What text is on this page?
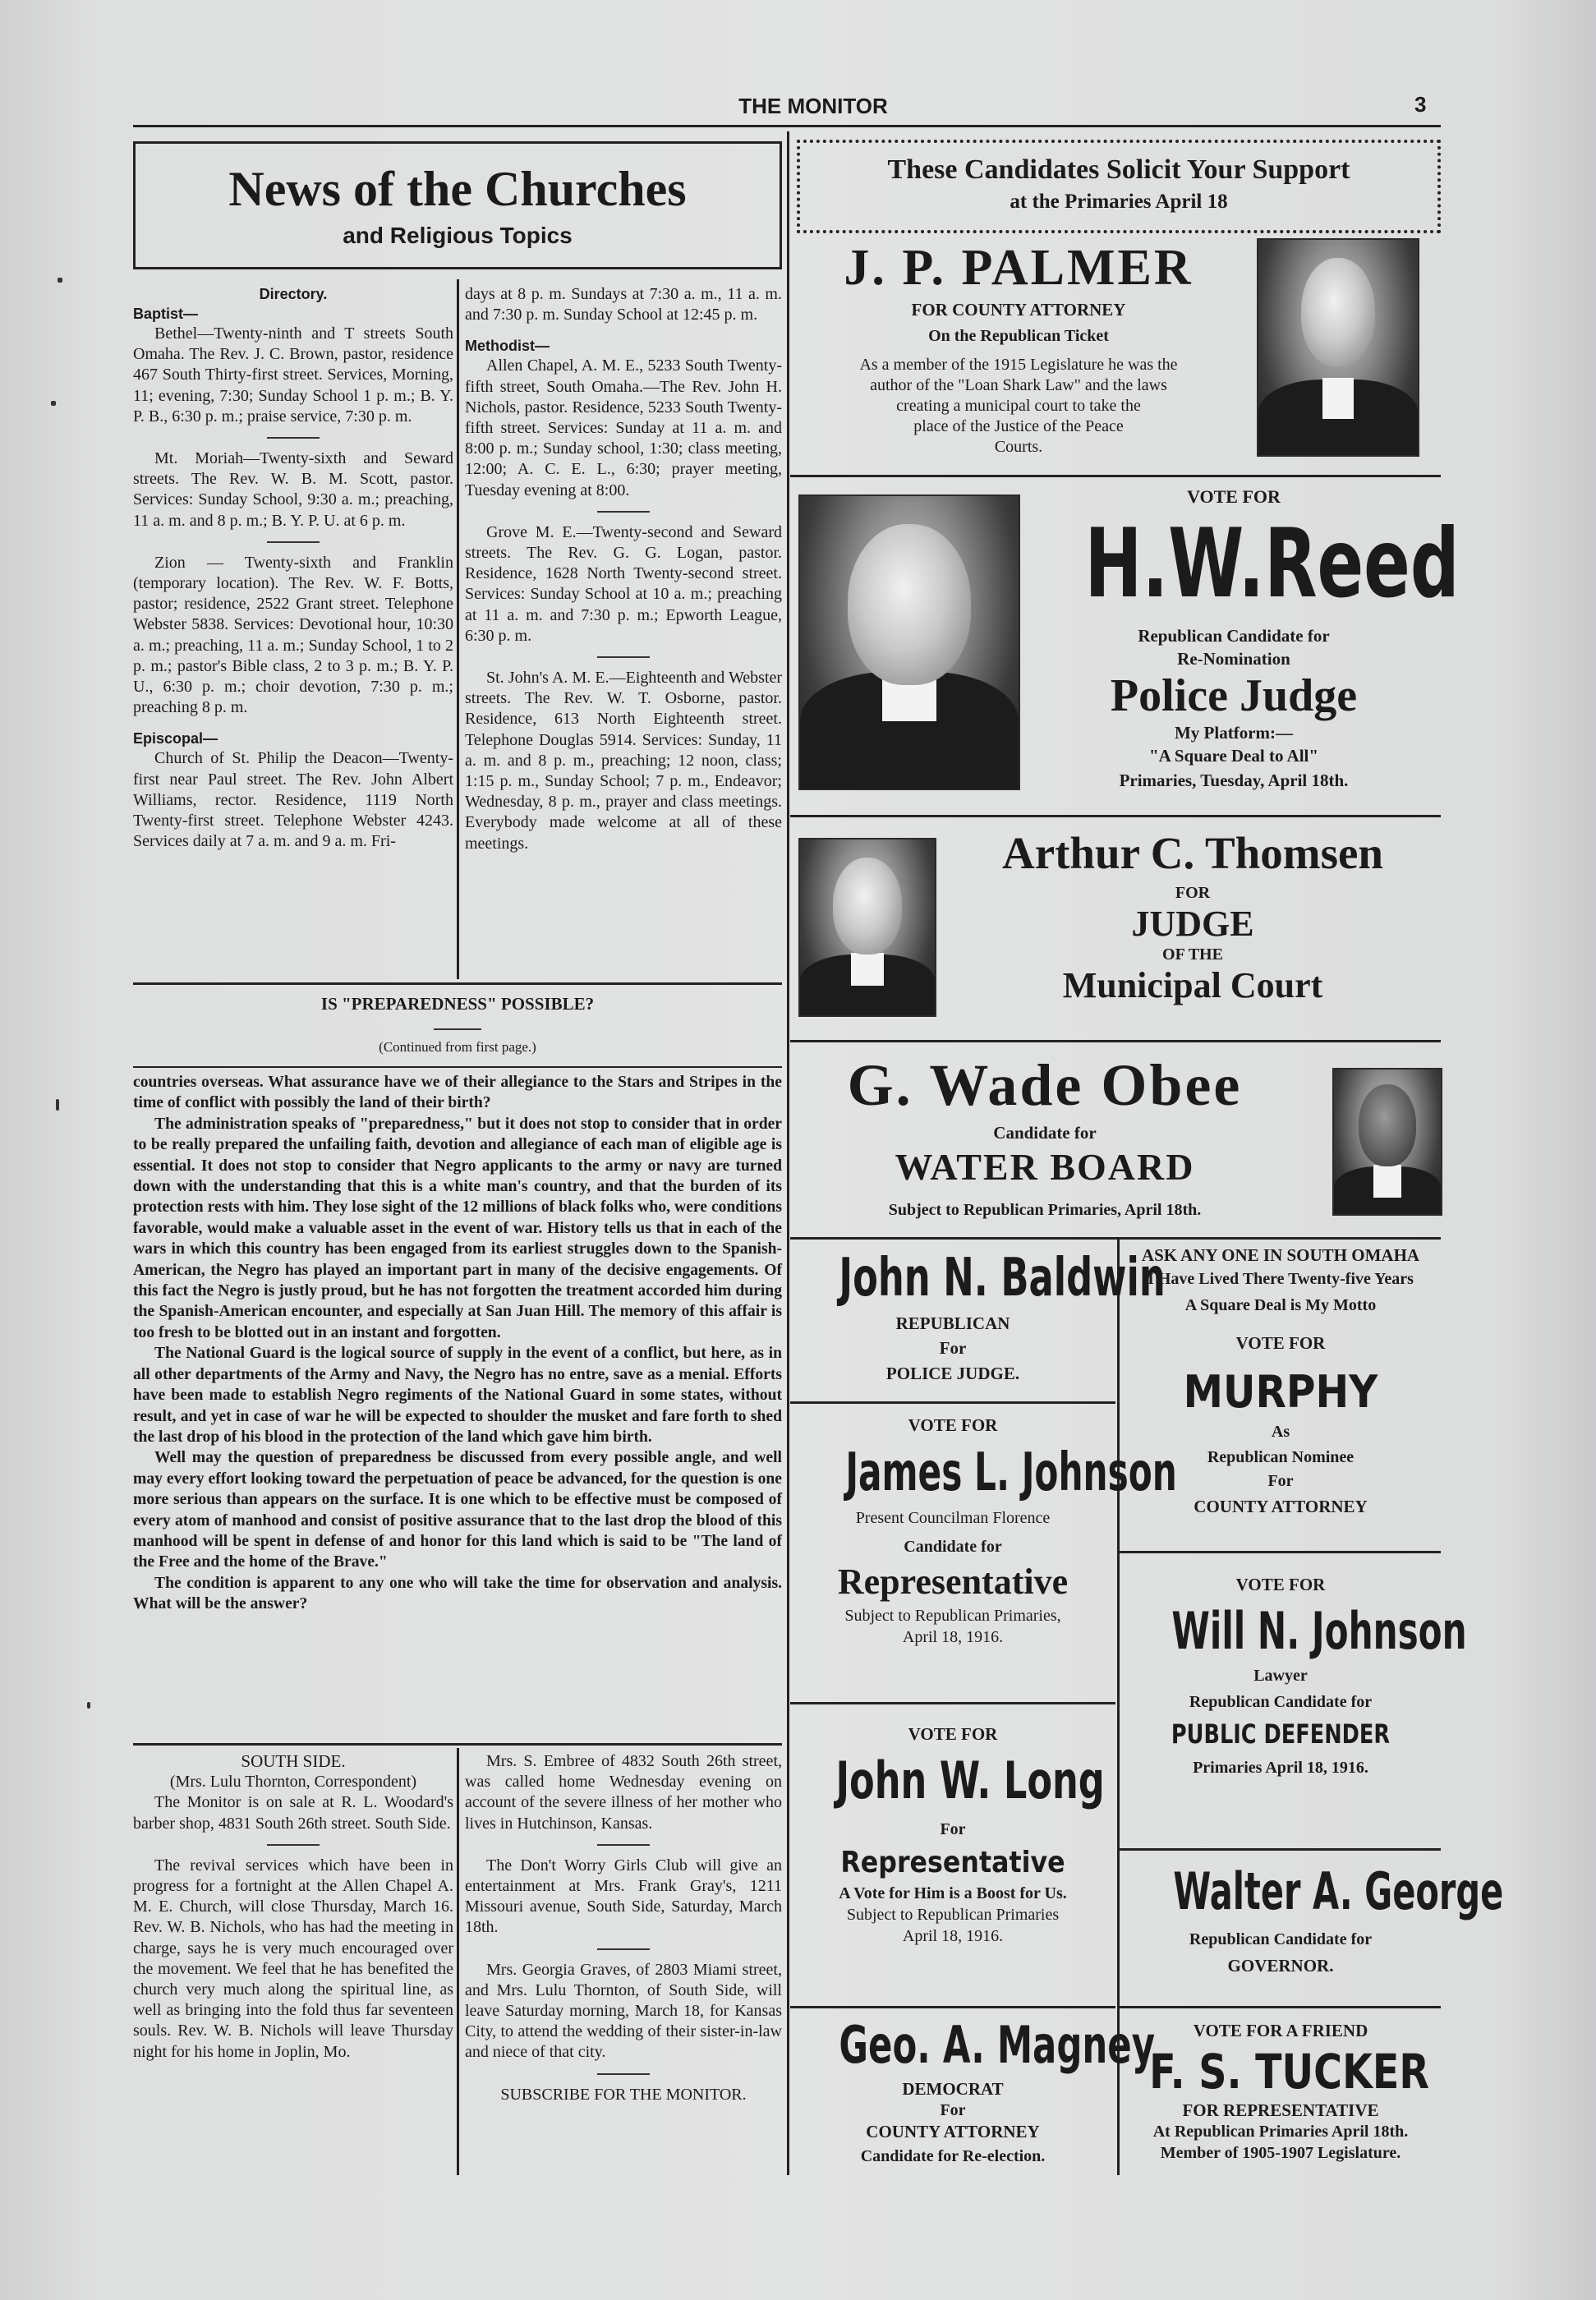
THE MONITOR	3
News of the Churches
and Religious Topics
Directory.
Baptist—

Bethel—Twenty-ninth and T streets South Omaha. The Rev. J. C. Brown, pastor, residence 467 South Thirty-first street. Services, Morning, 11; evening, 7:30; Sunday School 1 p. m.; B. Y. P. B., 6:30 p. m.; praise service, 7:30 p. m.

Mt. Moriah—Twenty-sixth and Seward streets. The Rev. W. B. M. Scott, pastor. Services: Sunday School, 9:30 a. m.; preaching, 11 a. m. and 8 p. m.; B. Y. P. U. at 6 p. m.

Zion — Twenty-sixth and Franklin (temporary location). The Rev. W. F. Botts, pastor; residence, 2522 Grant street. Telephone Webster 5838. Services: Devotional hour, 10:30 a. m.; preaching, 11 a. m.; Sunday School, 1 to 2 p. m.; pastor's Bible class, 2 to 3 p. m.; B. Y. P. U., 6:30 p. m.; choir devotion, 7:30 p. m.; preaching 8 p. m.

Episcopal—

Church of St. Philip the Deacon—Twenty-first near Paul street. The Rev. John Albert Williams, rector. Residence, 1119 North Twenty-first street. Telephone Webster 4243. Services daily at 7 a. m. and 9 a. m. Fri-

days at 8 p. m. Sundays at 7:30 a. m., 11 a. m. and 7:30 p. m. Sunday School at 12:45 p. m.

Methodist—

Allen Chapel, A. M. E., 5233 South Twenty-fifth street, South Omaha.—The Rev. John H. Nichols, pastor. Residence, 5233 South Twenty-fifth street. Services: Sunday at 11 a. m. and 8:00 p. m.; Sunday school, 1:30; class meeting, 12:00; A. C. E. L., 6:30; prayer meeting, Tuesday evening at 8:00.

Grove M. E.—Twenty-second and Seward streets. The Rev. G. G. Logan, pastor. Residence, 1628 North Twenty-second street. Services: Sunday School at 10 a. m.; preaching at 11 a. m. and 7:30 p. m.; Epworth League, 6:30 p. m.

St. John's A. M. E.—Eighteenth and Webster streets. The Rev. W. T. Osborne, pastor. Residence, 613 North Eighteenth street. Telephone Douglas 5914. Services: Sunday, 11 a. m. and 8 p. m., preaching; 12 noon, class; 1:15 p. m., Sunday School; 7 p. m., Endeavor; Wednesday, 8 p. m., prayer and class meetings. Everybody made welcome at all of these meetings.

IS "PREPAREDNESS" POSSIBLE?
(Continued from first page.)

countries overseas. What assurance have we of their allegiance to the Stars and Stripes in the time of conflict with possibly the land of their birth?

The administration speaks of "preparedness," but it does not stop to consider that in order to be really prepared the unfailing faith, devotion and allegiance of each man of eligible age is essential. It does not stop to consider that Negro applicants to the army or navy are turned down with the understanding that this is a white man's country, and that the burden of its protection rests with him. They lose sight of the 12 millions of black folks who, were conditions favorable, would make a valuable asset in the event of war. History tells us that in each of the wars in which this country has been engaged from its earliest struggles down to the Spanish-American, the Negro has played an important part in many of the decisive engagements. Of this fact the Negro is justly proud, but he has not forgotten the treatment accorded him during the Spanish-American encounter, and especially at San Juan Hill. The memory of this affair is too fresh to be blotted out in an instant and forgotten.

The National Guard is the logical source of supply in the event of a conflict, but here, as in all other departments of the Army and Navy, the Negro has no entre, save as a menial. Efforts have been made to establish Negro regiments of the National Guard in some states, without result, and yet in case of war he will be expected to shoulder the musket and fare forth to shed the last drop of his blood in the protection of the land which gave him birth.

Well may the question of preparedness be discussed from every possible angle, and well may every effort looking toward the perpetuation of peace be advanced, for the question is one more serious than appears on the surface. It is one which to be effective must be composed of every atom of manhood and consist of positive assurance that to the last drop the blood of this manhood will be spent in defense of and honor for this land which is said to be "The land of the Free and the home of the Brave."

The condition is apparent to any one who will take the time for observation and analysis. What will be the answer?

SOUTH SIDE.
(Mrs. Lulu Thornton, Correspondent)

The Monitor is on sale at R. L. Woodard's barber shop, 4831 South 26th street. South Side.

The revival services which have been in progress for a fortnight at the Allen Chapel A. M. E. Church, will close Thursday, March 16. Rev. W. B. Nichols, who has had the meeting in charge, says he is very much encouraged over the movement. We feel that he has benefited the church very much along the spiritual line, as well as bringing into the fold thus far seventeen souls. Rev. W. B. Nichols will leave Thursday night for his home in Joplin, Mo.

Mrs. S. Embree of 4832 South 26th street, was called home Wednesday evening on account of the severe illness of her mother who lives in Hutchinson, Kansas.

The Don't Worry Girls Club will give an entertainment at Mrs. Frank Gray's, 1211 Missouri avenue, South Side, Saturday, March 18th.

Mrs. Georgia Graves, of 2803 Miami street, and Mrs. Lulu Thornton, of South Side, will leave Saturday morning, March 18, for Kansas City, to attend the wedding of their sister-in-law and niece of that city.

SUBSCRIBE FOR THE MONITOR.
These Candidates Solicit Your Support
at the Primaries April 18
J. P. PALMER
FOR COUNTY ATTORNEY
On the Republican Ticket
As a member of the 1915 Legislature he was the
author of the "Loan Shark Law" and the laws
creating a municipal court to take the
place of the Justice of the Peace
Courts.
VOTE FOR
H.W.Reed
Republican Candidate for
Re-Nomination
Police Judge
My Platform:—
"A Square Deal to All"
Primaries, Tuesday, April 18th.
Arthur C. Thomsen
FOR
JUDGE
OF THE
Municipal Court
G. Wade Obee
Candidate for
WATER BOARD
Subject to Republican Primaries, April 18th.
John N. Baldwin
REPUBLICAN
For
POLICE JUDGE.
VOTE FOR
James L. Johnson
Present Councilman Florence
Candidate for
Representative
Subject to Republican Primaries,
April 18, 1916.
VOTE FOR
John W. Long
For
Representative
A Vote for Him is a Boost for Us.
Subject to Republican Primaries
April 18, 1916.
Geo. A. Magney
DEMOCRAT
For
COUNTY ATTORNEY
Candidate for Re-election.
ASK ANY ONE IN SOUTH OMAHA
I Have Lived There Twenty-five Years
A Square Deal is My Motto
VOTE FOR
MURPHY
As
Republican Nominee
For
COUNTY ATTORNEY
VOTE FOR
Will N. Johnson
Lawyer
Republican Candidate for
PUBLIC DEFENDER
Primaries April 18, 1916.
Walter A. George
Republican Candidate for
GOVERNOR.
VOTE FOR A FRIEND
F. S. TUCKER
FOR REPRESENTATIVE
At Republican Primaries April 18th.
Member of 1905-1907 Legislature.
